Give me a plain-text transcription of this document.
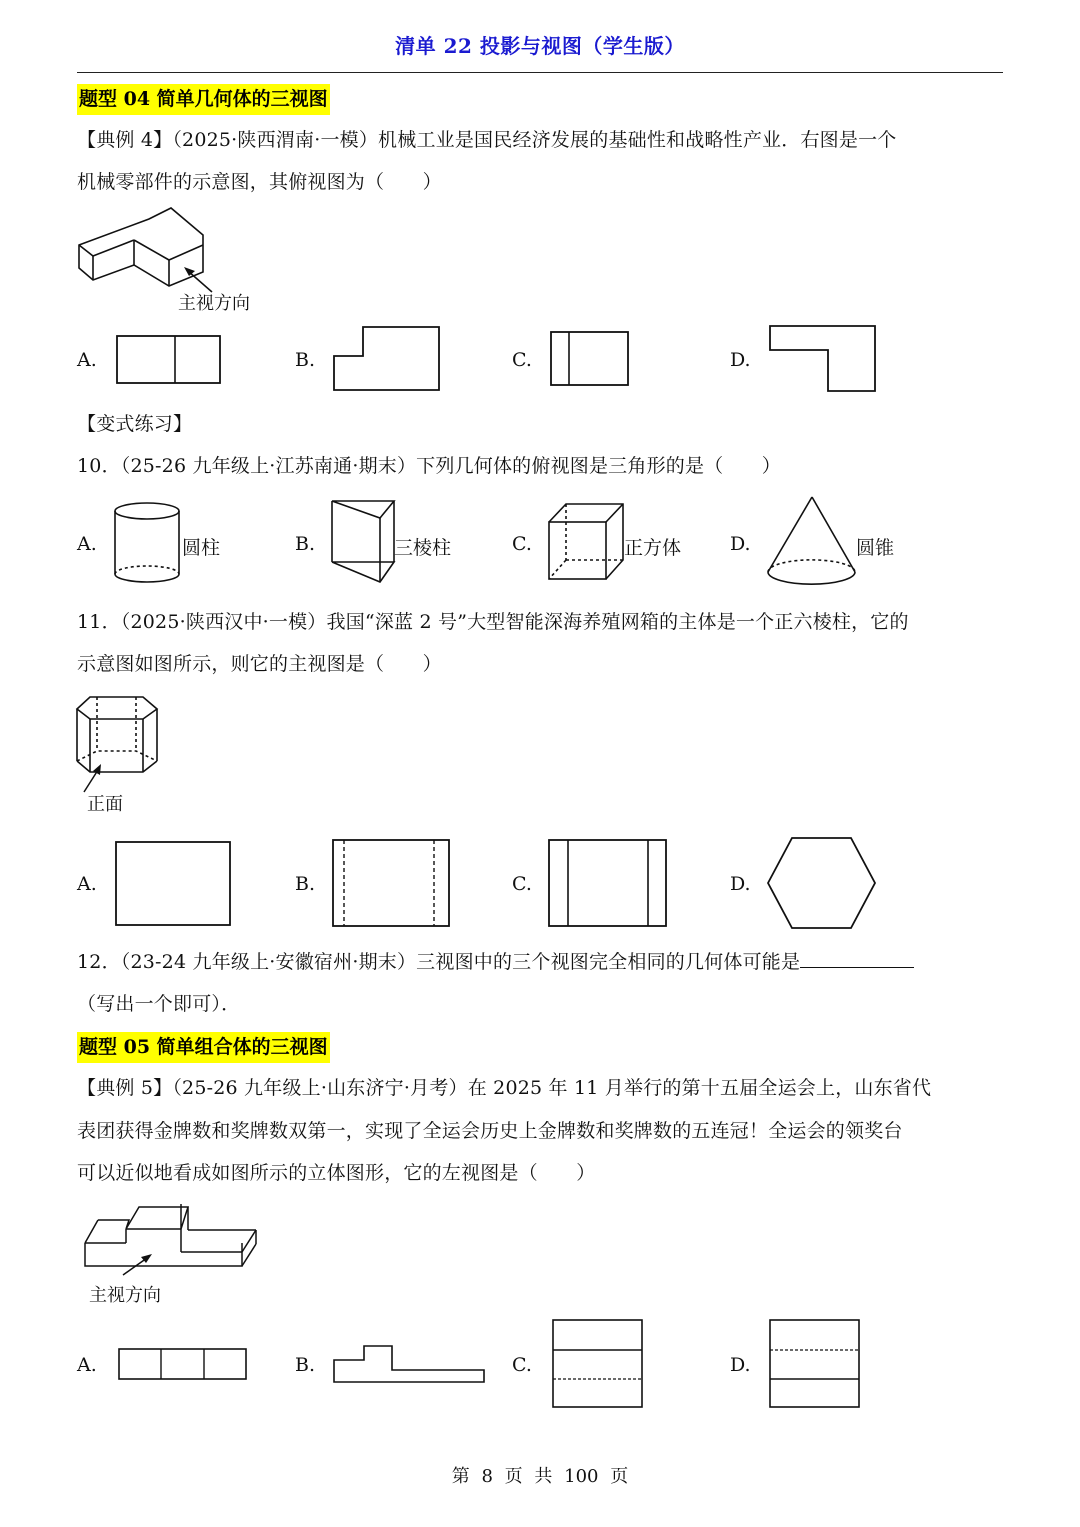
清单 22 投影与视图（学生版）
题型 04 简单几何体的三视图
【典例 4】（2025·陕西渭南·一模）机械工业是国民经济发展的基础性和战略性产业．右图是一个
机械零部件的示意图，其俯视图为（　　）
主视方向
A.	B.	C.	D.
【变式练习】
10．（25-26 九年级上·江苏南通·期末）下列几何体的俯视图是三角形的是（　　）
A.	圆柱	B.	三棱柱	C.	正方体	D.	圆锥
11．（2025·陕西汉中·一模）我国“深蓝 2 号”大型智能深海养殖网箱的主体是一个正六棱柱，它的
示意图如图所示，则它的主视图是（　　）
正面
A.	B.	C.	D.
12．（23-24 九年级上·安徽宿州·期末）三视图中的三个视图完全相同的几何体可能是
（写出一个即可）．
题型 05 简单组合体的三视图
【典例 5】（25-26 九年级上·山东济宁·月考）在 2025 年 11 月举行的第十五届全运会上，山东省代
表团获得金牌数和奖牌数双第一，实现了全运会历史上金牌数和奖牌数的五连冠！全运会的领奖台
可以近似地看成如图所示的立体图形，它的左视图是（　　）
主视方向
A.	B.	C.	D.
第 8 页 共 100 页
